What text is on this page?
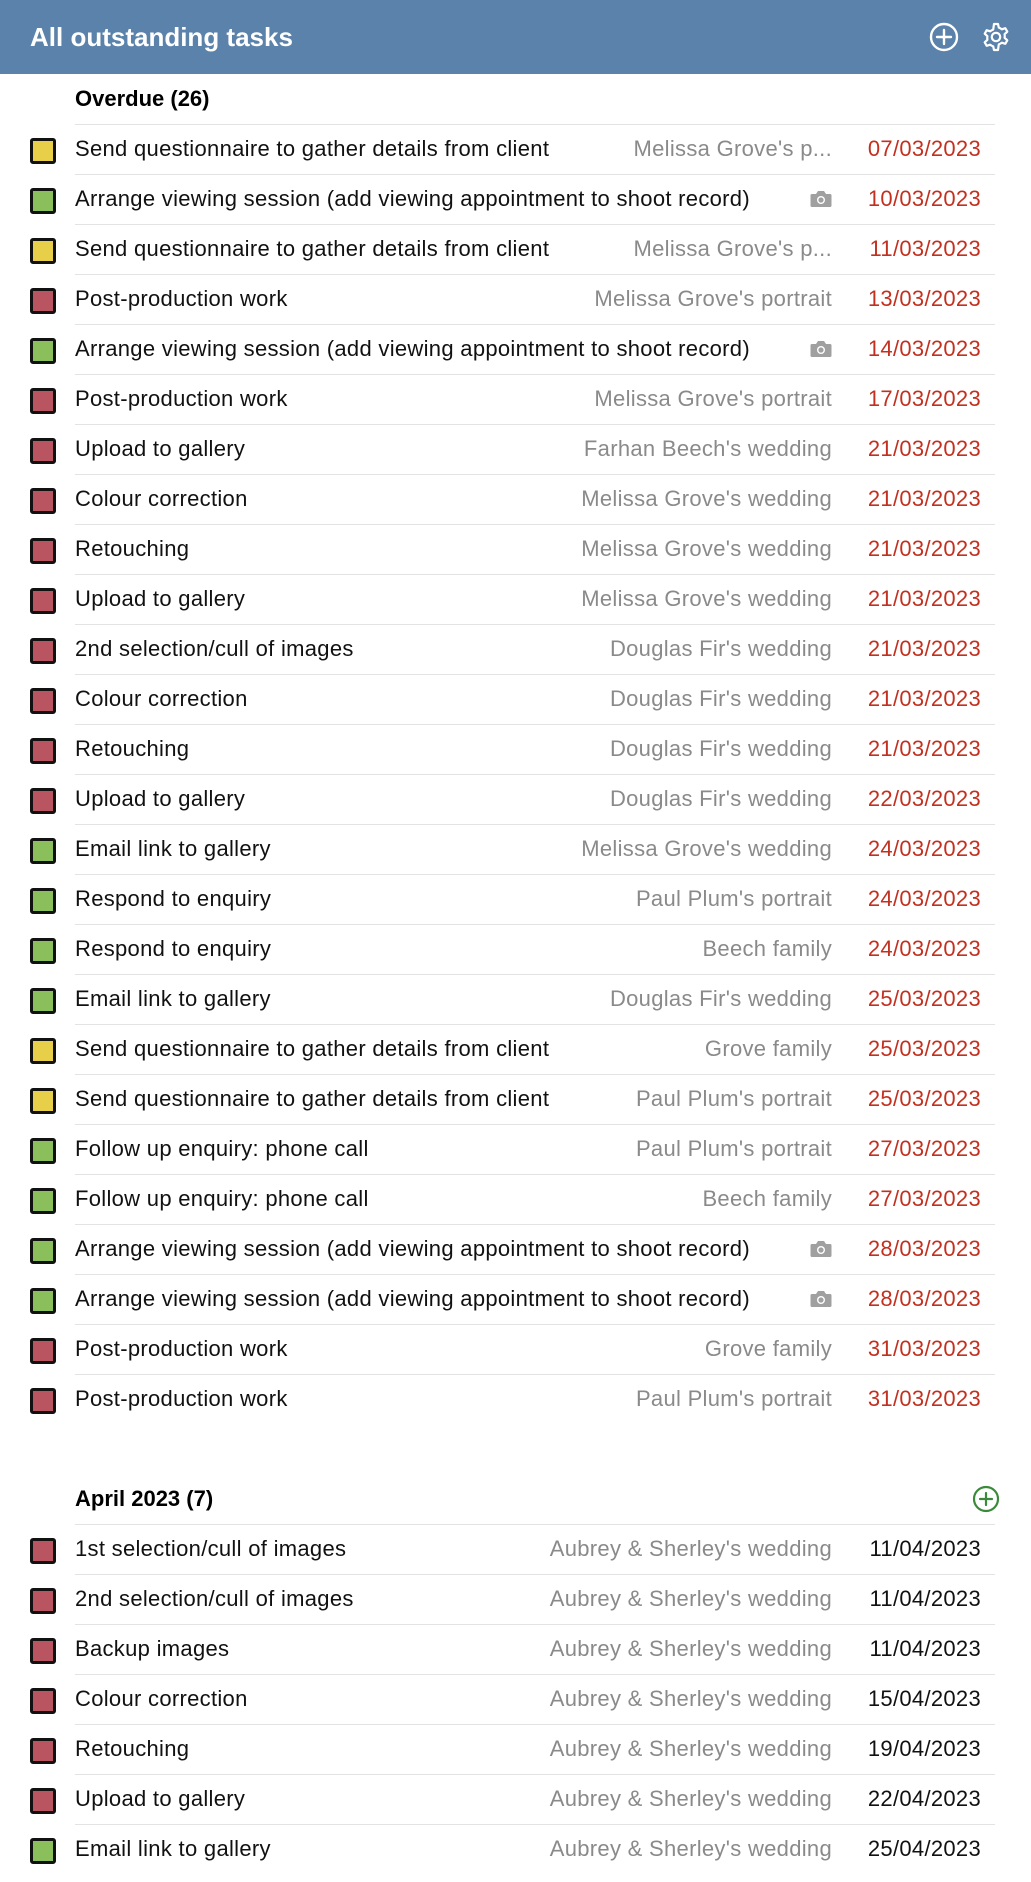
All outstanding tasks
Overdue (26)
Send questionnaire to gather details from client	Melissa Grove's p... 07/03/2023
Arrange viewing session (add viewing appointment to shoot record)	10/03/2023
Send questionnaire to gather details from client	Melissa Grove's p... 11/03/2023
Post-production work	Melissa Grove's portrait 13/03/2023
Arrange viewing session (add viewing appointment to shoot record)	14/03/2023
Post-production work	Melissa Grove's portrait 17/03/2023
Upload to gallery	Farhan Beech's wedding 21/03/2023
Colour correction	Melissa Grove's wedding 21/03/2023
Retouching	Melissa Grove's wedding 21/03/2023
Upload to gallery	Melissa Grove's wedding 21/03/2023
2nd selection/cull of images	Douglas Fir's wedding 21/03/2023
Colour correction	Douglas Fir's wedding 21/03/2023
Retouching	Douglas Fir's wedding 21/03/2023
Upload to gallery	Douglas Fir's wedding 22/03/2023
Email link to gallery	Melissa Grove's wedding 24/03/2023
Respond to enquiry	Paul Plum's portrait 24/03/2023
Respond to enquiry	Beech family 24/03/2023
Email link to gallery	Douglas Fir's wedding 25/03/2023
Send questionnaire to gather details from client	Grove family 25/03/2023
Send questionnaire to gather details from client	Paul Plum's portrait 25/03/2023
Follow up enquiry: phone call	Paul Plum's portrait 27/03/2023
Follow up enquiry: phone call	Beech family 27/03/2023
Arrange viewing session (add viewing appointment to shoot record)	28/03/2023
Arrange viewing session (add viewing appointment to shoot record)	28/03/2023
Post-production work	Grove family 31/03/2023
Post-production work	Paul Plum's portrait 31/03/2023
April 2023 (7)
1st selection/cull of images	Aubrey & Sherley's wedding 11/04/2023
2nd selection/cull of images	Aubrey & Sherley's wedding 11/04/2023
Backup images	Aubrey & Sherley's wedding 11/04/2023
Colour correction	Aubrey & Sherley's wedding 15/04/2023
Retouching	Aubrey & Sherley's wedding 19/04/2023
Upload to gallery	Aubrey & Sherley's wedding 22/04/2023
Email link to gallery	Aubrey & Sherley's wedding 25/04/2023
